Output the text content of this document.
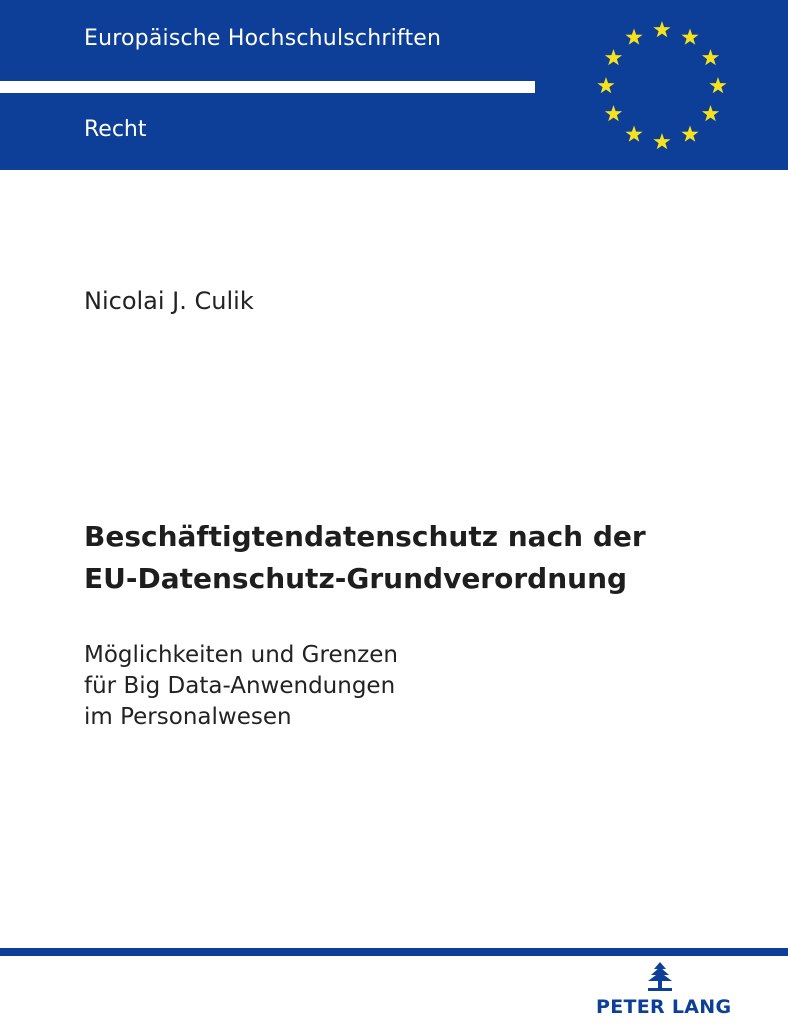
Europäische Hochschulschriften
Recht
Nicolai J. Culik
Beschäftigtendatenschutz nach der
EU-Datenschutz-Grundverordnung

Möglichkeiten und Grenzen
für Big Data-Anwendungen
im Personalwesen

PETER LANG
